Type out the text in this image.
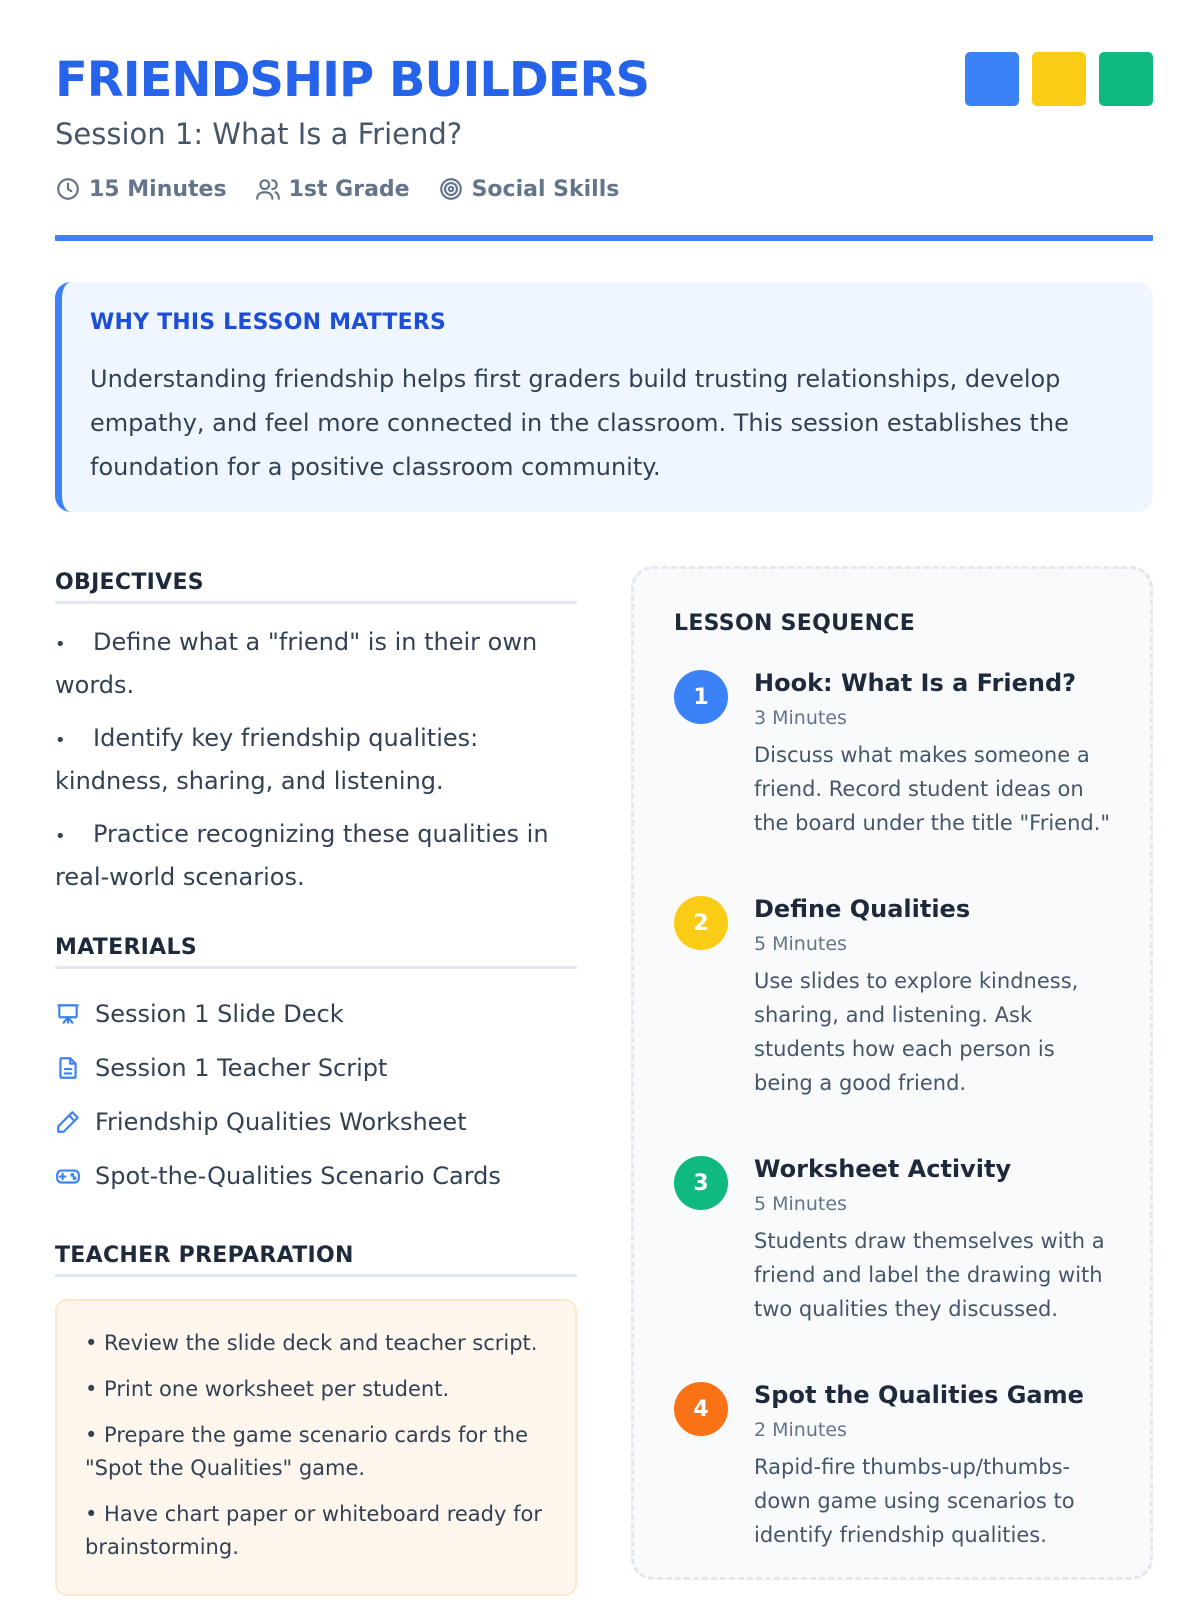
FRIENDSHIP BUILDERS
Session 1: What Is a Friend?
15 Minutes	1st Grade	Social Skills
WHY THIS LESSON MATTERS

Understanding friendship helps first graders build trusting relationships, develop empathy, and feel more connected in the classroom. This session establishes the foundation for a positive classroom community.

OBJECTIVES
• Define what a "friend" is in their own words.
• Identify key friendship qualities: kindness, sharing, and listening.
• Practice recognizing these qualities in real-world scenarios.
MATERIALS
Session 1 Slide Deck
Session 1 Teacher Script
Friendship Qualities Worksheet
Spot-the-Qualities Scenario Cards
TEACHER PREPARATION

• Review the slide deck and teacher script.

• Print one worksheet per student.

• Prepare the game scenario cards for the "Spot the Qualities" game.

• Have chart paper or whiteboard ready for brainstorming.

LESSON SEQUENCE
1	Hook: What Is a Friend?
3 Minutes
Discuss what makes someone a friend. Record student ideas on the board under the title "Friend."
2	Define Qualities
5 Minutes
Use slides to explore kindness, sharing, and listening. Ask students how each person is being a good friend.
3	Worksheet Activity
5 Minutes
Students draw themselves with a friend and label the drawing with two qualities they discussed.
4	Spot the Qualities Game
2 Minutes
Rapid-fire thumbs-up/thumbs-down game using scenarios to identify friendship qualities.
